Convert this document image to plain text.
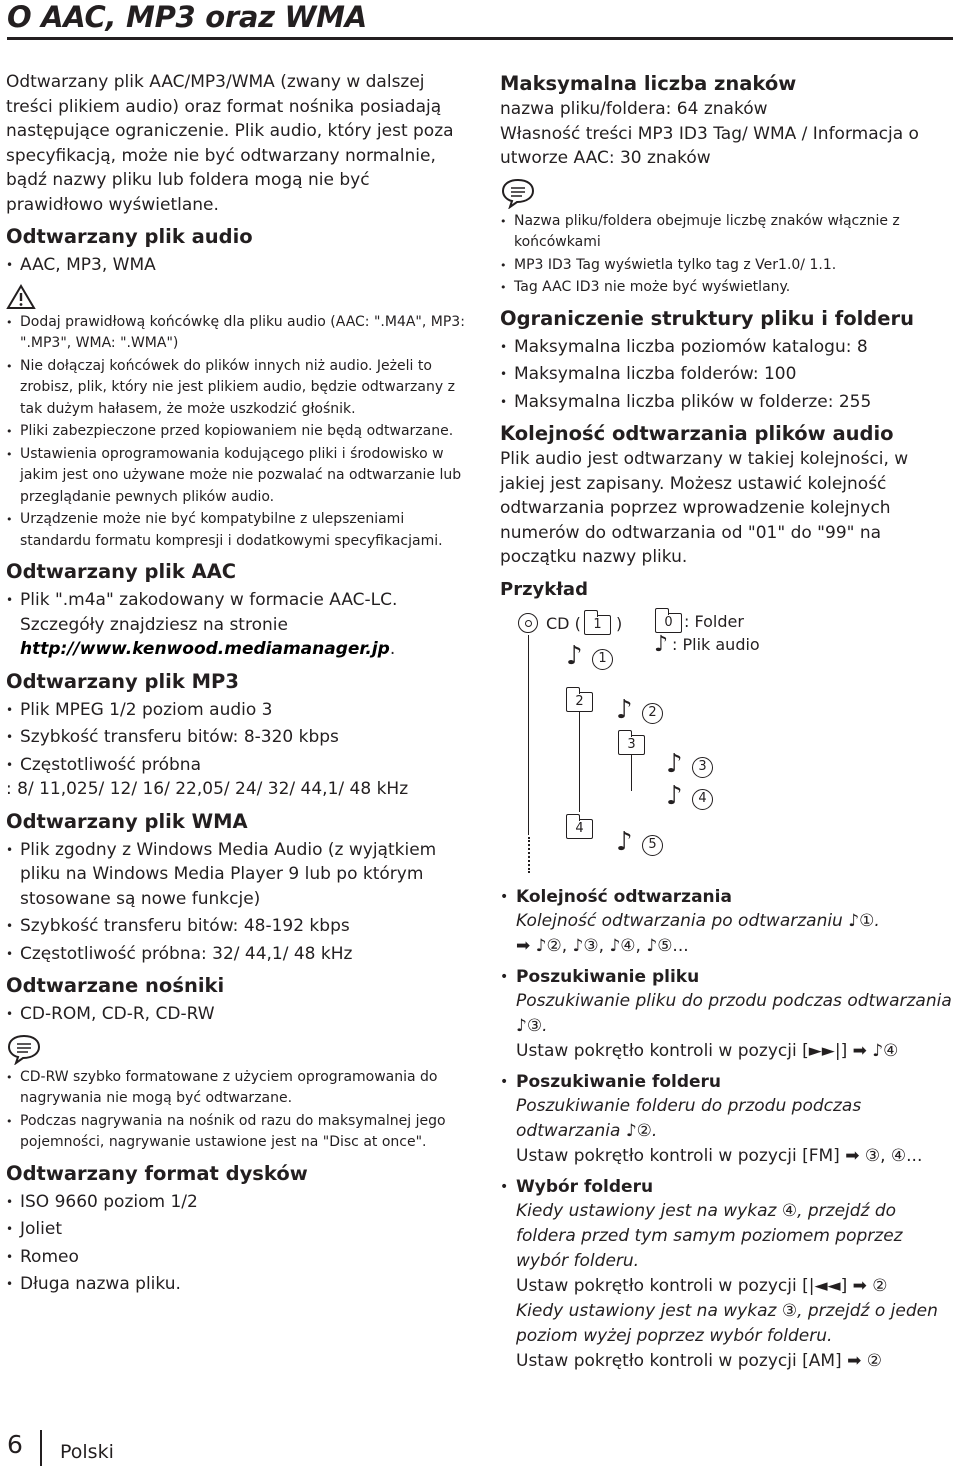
O AAC, MP3 oraz WMA

Odtwarzany plik AAC/MP3/WMA (zwany w dalszej treści plikiem audio) oraz format nośnika posiadają następujące ograniczenie. Plik audio, który jest poza specyfikacją, może nie być odtwarzany normalnie, bądź nazwy pliku lub foldera mogą nie być prawidłowo wyświetlane.

Odtwarzany plik audio
• AAC, MP3, WMA
• Dodaj prawidłową końcówkę dla pliku audio (AAC: ".M4A", MP3: ".MP3", WMA: ".WMA")
• Nie dołączaj końcówek do plików innych niż audio. Jeżeli to zrobisz, plik, który nie jest plikiem audio, będzie odtwarzany z tak dużym hałasem, że może uszkodzić głośnik.
• Pliki zabezpieczone przed kopiowaniem nie będą odtwarzane.
• Ustawienia oprogramowania kodującego pliki i środowisko w jakim jest ono używane może nie pozwalać na odtwarzanie lub przeglądanie pewnych plików audio.
• Urządzenie może nie być kompatybilne z ulepszeniami standardu formatu kompresji i dodatkowymi specyfikacjami.
Odtwarzany plik AAC
• Plik ".m4a" zakodowany w formacie AAC-LC. Szczegóły znajdziesz na stronie
http://www.kenwood.mediamanager.jp.
Odtwarzany plik MP3
• Plik MPEG 1/2 poziom audio 3
• Szybkość transferu bitów: 8-320 kbps
• Częstotliwość próbna

: 8/ 11,025/ 12/ 16/ 22,05/ 24/ 32/ 44,1/ 48 kHz

Odtwarzany plik WMA
• Plik zgodny z Windows Media Audio (z wyjątkiem pliku na Windows Media Player 9 lub po którym stosowane są nowe funkcje)
• Szybkość transferu bitów: 48-192 kbps
• Częstotliwość próbna: 32/ 44,1/ 48 kHz
Odtwarzane nośniki
• CD-ROM, CD-R, CD-RW
• CD-RW szybko formatowane z użyciem oprogramowania do nagrywania nie mogą być odtwarzane.
• Podczas nagrywania na nośnik od razu do maksymalnej jego pojemności, nagrywanie ustawione jest na "Disc at once".
Odtwarzany format dysków
• ISO 9660 poziom 1/2
• Joliet
• Romeo
• Długa nazwa pliku.
Maksymalna liczba znaków

nazwa pliku/foldera: 64 znaków

Własność treści MP3 ID3 Tag/ WMA / Informacja o utworze AAC: 30 znaków

• Nazwa pliku/foldera obejmuje liczbę znaków włącznie z końcówkami
• MP3 ID3 Tag wyświetla tylko tag z Ver1.0/ 1.1.
• Tag AAC ID3 nie może być wyświetlany.
Ograniczenie struktury pliku i folderu
• Maksymalna liczba poziomów katalogu: 8
• Maksymalna liczba folderów: 100
• Maksymalna liczba plików w folderze: 255
Kolejność odtwarzania plików audio

Plik audio jest odtwarzany w takiej kolejności, w jakiej jest zapisany. Możesz ustawić kolejność odtwarzania poprzez wprowadzenie kolejnych numerów do odtwarzania od "01" do "99" na początku nazwy pliku.

Przykład
CD ( 1 )	0 : Folder
♪ : Plik audio
♪	1
2	♪	2
3
♪	3
♪	4
4	♪	5
• Kolejność odtwarzania
Kolejność odtwarzania po odtwarzaniu ♪①.
➡ ♪②, ♪③, ♪④, ♪⑤...
• Poszukiwanie pliku
Poszukiwanie pliku do przodu podczas odtwarzania ♪③.
Ustaw pokrętło kontroli w pozycji [►►|] ➡ ♪④
• Poszukiwanie folderu
Poszukiwanie folderu do przodu podczas odtwarzania ♪②.
Ustaw pokrętło kontroli w pozycji [FM] ➡ ③, ④...
• Wybór folderu
Kiedy ustawiony jest na wykaz ④, przejdź do foldera przed tym samym poziomem poprzez wybór folderu.
Ustaw pokrętło kontroli w pozycji [|◄◄] ➡ ②
Kiedy ustawiony jest na wykaz ③, przejdź o jeden poziom wyżej poprzez wybór folderu.
Ustaw pokrętło kontroli w pozycji [AM] ➡ ②
6 Polski
